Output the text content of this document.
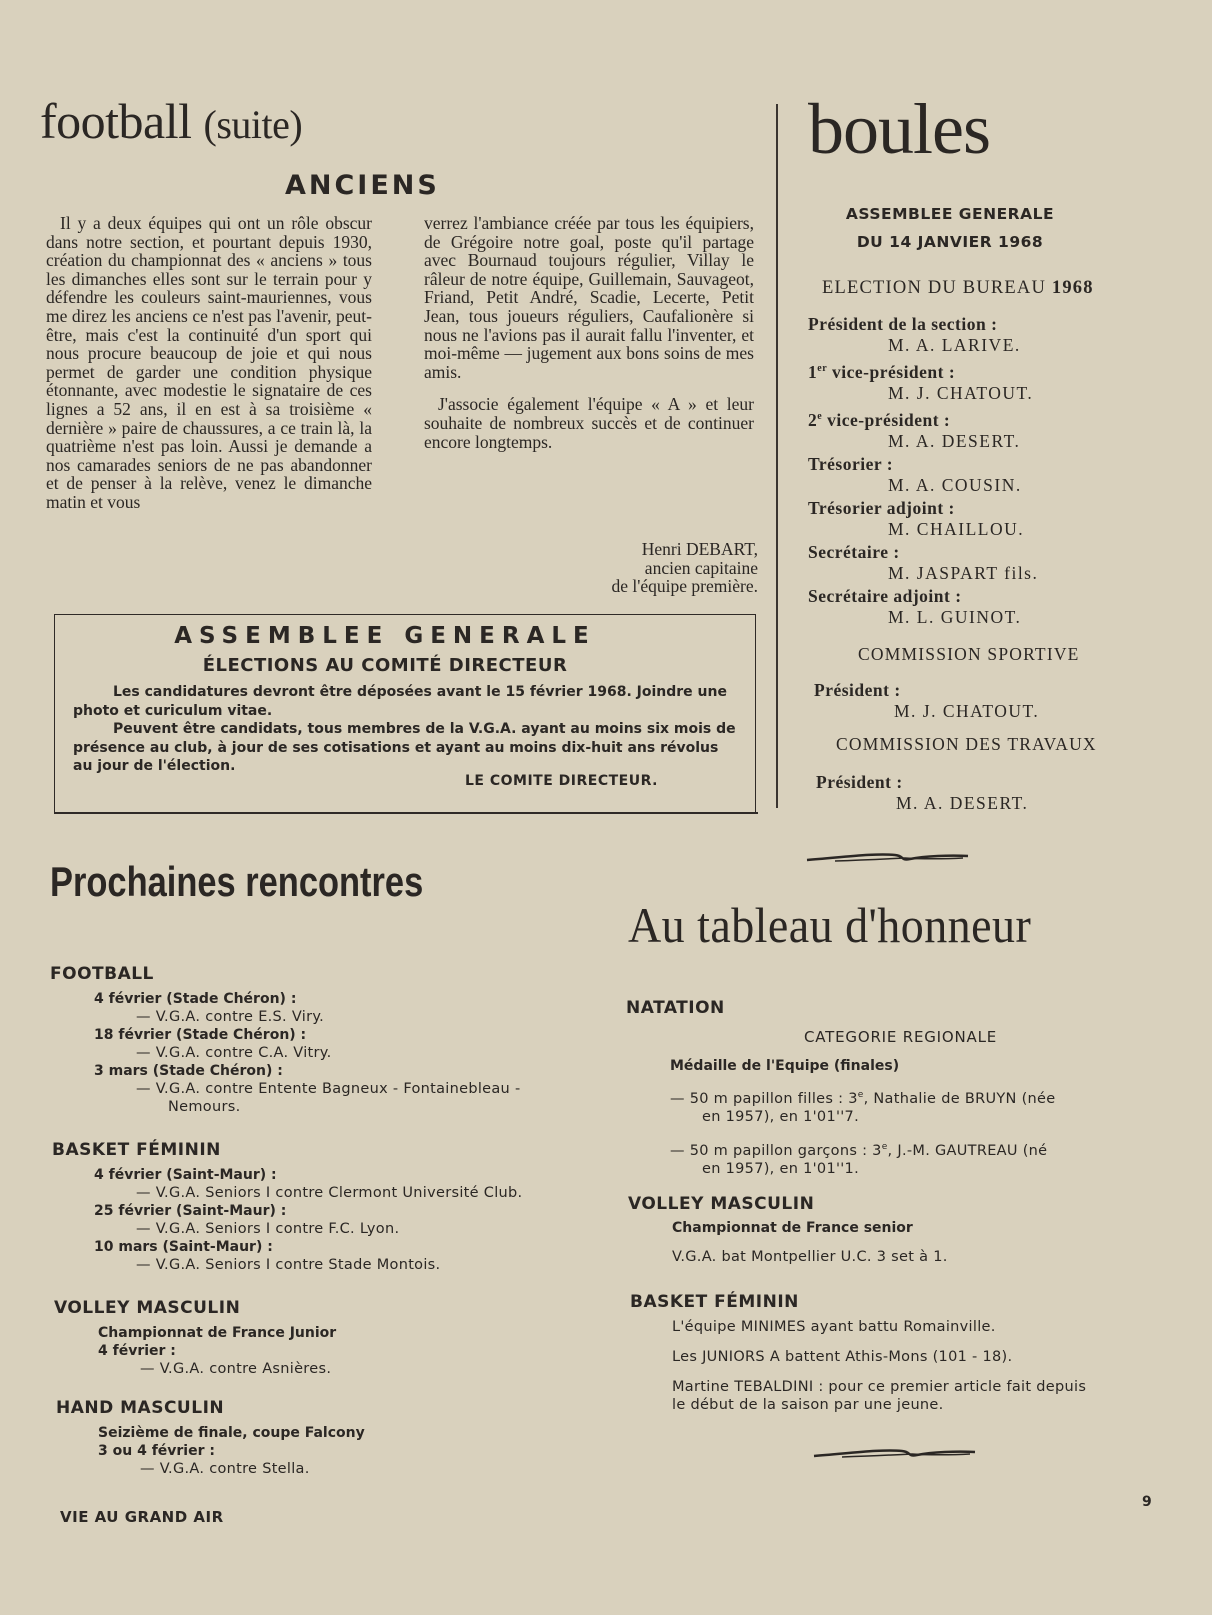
football (suite)
ANCIENS
Il y a deux équipes qui ont un rôle obscur dans notre section, et pourtant depuis 1930, création du championnat des « anciens » tous les dimanches elles sont sur le terrain pour y défendre les couleurs saint-mauriennes, vous me direz les anciens ce n'est pas l'avenir, peut-être, mais c'est la continuité d'un sport qui nous procure beaucoup de joie et qui nous permet de garder une condition physique étonnante, avec modestie le signataire de ces lignes a 52 ans, il en est à sa troisième « dernière » paire de chaussures, a ce train là, la quatrième n'est pas loin. Aussi je demande a nos camarades seniors de ne pas abandonner et de penser à la relève, venez le dimanche matin et vous

verrez l'ambiance créée par tous les équipiers, de Grégoire notre goal, poste qu'il partage avec Bournaud toujours régulier, Villay le râleur de notre équipe, Guillemain, Sauvageot, Friand, Petit André, Scadie, Lecerte, Petit Jean, tous joueurs réguliers, Caufalionère si nous ne l'avions pas il aurait fallu l'inventer, et moi-même — jugement aux bons soins de mes amis.

J'associe également l'équipe « A » et leur souhaite de nombreux succès et de continuer encore longtemps.

Henri DEBART,
ancien capitaine
de l'équipe première.
ASSEMBLEE GENERALE
ÉLECTIONS AU COMITÉ DIRECTEUR

Les candidatures devront être déposées avant le 15 février 1968. Joindre une photo et curiculum vitae.

Peuvent être candidats, tous membres de la V.G.A. ayant au moins six mois de présence au club, à jour de ses cotisations et ayant au moins dix-huit ans révolus au jour de l'élection.

LE COMITE DIRECTEUR.
boules
ASSEMBLEE GENERALE
DU 14 JANVIER 1968
ELECTION DU BUREAU 1968
Président de la section :
M. A. LARIVE.
1er vice-président :
M. J. CHATOUT.
2e vice-président :
M. A. DESERT.
Trésorier :
M. A. COUSIN.
Trésorier adjoint :
M. CHAILLOU.
Secrétaire :
M. JASPART fils.
Secrétaire adjoint :
M. L. GUINOT.
COMMISSION SPORTIVE
Président :
M. J. CHATOUT.
COMMISSION DES TRAVAUX
Président :
M. A. DESERT.
Prochaines rencontres
FOOTBALL
4 février (Stade Chéron) :
— V.G.A. contre E.S. Viry.
18 février (Stade Chéron) :
— V.G.A. contre C.A. Vitry.
3 mars (Stade Chéron) :
— V.G.A. contre Entente Bagneux - Fontainebleau -
Nemours.
BASKET FÉMININ
4 février (Saint-Maur) :
— V.G.A. Seniors I contre Clermont Université Club.
25 février (Saint-Maur) :
— V.G.A. Seniors I contre F.C. Lyon.
10 mars (Saint-Maur) :
— V.G.A. Seniors I contre Stade Montois.
VOLLEY MASCULIN
Championnat de France Junior
4 février :
— V.G.A. contre Asnières.
HAND MASCULIN
Seizième de finale, coupe Falcony
3 ou 4 février :
— V.G.A. contre Stella.
Au tableau d'honneur
NATATION
CATEGORIE REGIONALE
Médaille de l'Equipe (finales)
— 50 m papillon filles : 3e, Nathalie de BRUYN (née
en 1957), en 1'01''7.
— 50 m papillon garçons : 3e, J.-M. GAUTREAU (né
en 1957), en 1'01''1.
VOLLEY MASCULIN
Championnat de France senior
V.G.A. bat Montpellier U.C. 3 set à 1.
BASKET FÉMININ
L'équipe MINIMES ayant battu Romainville.
Les JUNIORS A battent Athis-Mons (101 - 18).
Martine TEBALDINI : pour ce premier article fait depuis
le début de la saison par une jeune.
VIE AU GRAND AIR
9
